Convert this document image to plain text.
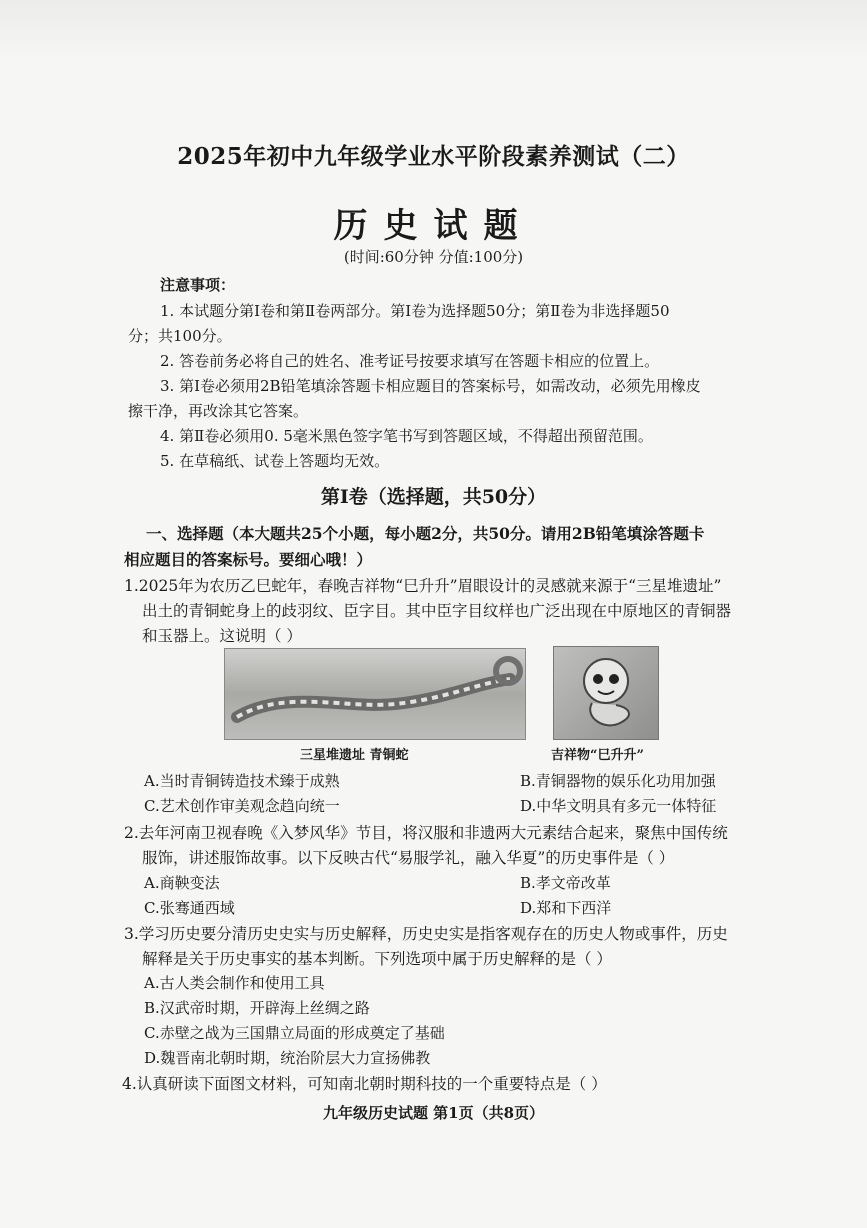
2025年初中九年级学业水平阶段素养测试（二）
历史试题
(时间:60分钟 分值:100分)
注意事项：
1. 本试题分第Ⅰ卷和第Ⅱ卷两部分。第Ⅰ卷为选择题50分；第Ⅱ卷为非选择题50
分；共100分。
2. 答卷前务必将自己的姓名、准考证号按要求填写在答题卡相应的位置上。
3. 第Ⅰ卷必须用2B铅笔填涂答题卡相应题目的答案标号，如需改动，必须先用橡皮
擦干净，再改涂其它答案。
4. 第Ⅱ卷必须用0. 5毫米黑色签字笔书写到答题区域，不得超出预留范围。
5. 在草稿纸、试卷上答题均无效。
第Ⅰ卷（选择题，共50分）
一、选择题（本大题共25个小题，每小题2分，共50分。请用2B铅笔填涂答题卡
相应题目的答案标号。要细心哦！）
1.2025年为农历乙巳蛇年，春晚吉祥物“巳升升”眉眼设计的灵感就来源于“三星堆遗址”
出土的青铜蛇身上的歧羽纹、臣字目。其中臣字目纹样也广泛出现在中原地区的青铜器
和玉器上。这说明（ ）
三星堆遗址 青铜蛇	吉祥物“巳升升”
A.当时青铜铸造技术臻于成熟	B.青铜器物的娱乐化功用加强
C.艺术创作审美观念趋向统一	D.中华文明具有多元一体特征
2.去年河南卫视春晚《入梦风华》节目，将汉服和非遗两大元素结合起来，聚焦中国传统
服饰，讲述服饰故事。以下反映古代“易服学礼，融入华夏”的历史事件是（ ）
A.商鞅变法	B.孝文帝改革
C.张骞通西域	D.郑和下西洋
3.学习历史要分清历史史实与历史解释，历史史实是指客观存在的历史人物或事件，历史
解释是关于历史事实的基本判断。下列选项中属于历史解释的是（ ）
A.古人类会制作和使用工具
B.汉武帝时期，开辟海上丝绸之路
C.赤壁之战为三国鼎立局面的形成奠定了基础
D.魏晋南北朝时期，统治阶层大力宣扬佛教
4.认真研读下面图文材料，可知南北朝时期科技的一个重要特点是（ ）
九年级历史试题 第1页（共8页）
